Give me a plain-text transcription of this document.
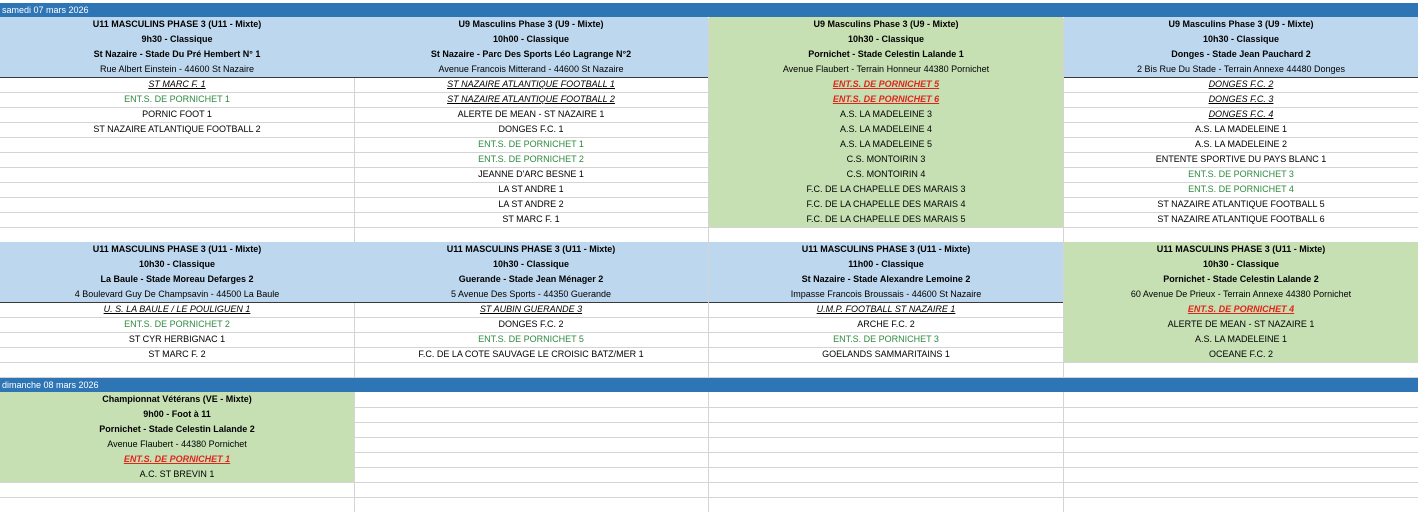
samedi 07 mars 2026
U11 MASCULINS PHASE 3 (U11 - Mixte)
9h30 - Classique
St Nazaire - Stade Du Pré Hembert N° 1
Rue Albert Einstein - 44600 St Nazaire
ST MARC F. 1
ENT.S. DE PORNICHET 1
PORNIC FOOT 1
ST NAZAIRE ATLANTIQUE FOOTBALL 2
U9 Masculins Phase 3 (U9 - Mixte)
10h00 - Classique
St Nazaire - Parc Des Sports Léo Lagrange N°2
Avenue Francois Mitterand - 44600 St Nazaire
ST NAZAIRE ATLANTIQUE FOOTBALL 1
ST NAZAIRE ATLANTIQUE FOOTBALL 2
ALERTE DE MEAN - ST NAZAIRE 1
DONGES F.C. 1
ENT.S. DE PORNICHET 1
ENT.S. DE PORNICHET 2
JEANNE D'ARC BESNE 1
LA ST ANDRE 1
LA ST ANDRE 2
ST MARC F. 1
U9 Masculins Phase 3 (U9 - Mixte)
10h30 - Classique
Pornichet - Stade Celestin Lalande 1
Avenue Flaubert - Terrain Honneur 44380 Pornichet
ENT.S. DE PORNICHET 5
ENT.S. DE PORNICHET 6
A.S. LA MADELEINE 3
A.S. LA MADELEINE 4
A.S. LA MADELEINE 5
C.S. MONTOIRIN 3
C.S. MONTOIRIN 4
F.C. DE LA CHAPELLE DES MARAIS 3
F.C. DE LA CHAPELLE DES MARAIS 4
F.C. DE LA CHAPELLE DES MARAIS 5
U9 Masculins Phase 3 (U9 - Mixte)
10h30 - Classique
Donges - Stade Jean Pauchard 2
2 Bis Rue Du Stade - Terrain Annexe 44480 Donges
DONGES F.C. 2
DONGES F.C. 3
DONGES F.C. 4
A.S. LA MADELEINE 1
A.S. LA MADELEINE 2
ENTENTE SPORTIVE DU PAYS BLANC 1
ENT.S. DE PORNICHET 3
ENT.S. DE PORNICHET 4
ST NAZAIRE ATLANTIQUE FOOTBALL 5
ST NAZAIRE ATLANTIQUE FOOTBALL 6
U11 MASCULINS PHASE 3 (U11 - Mixte)
10h30 - Classique
La Baule - Stade Moreau Defarges 2
4 Boulevard Guy De Champsavin - 44500 La Baule
U. S. LA BAULE / LE POULIGUEN 1
ENT.S. DE PORNICHET 2
ST CYR HERBIGNAC 1
ST MARC F. 2
U11 MASCULINS PHASE 3 (U11 - Mixte)
10h30 - Classique
Guerande - Stade Jean Ménager 2
5 Avenue Des Sports - 44350 Guerande
ST AUBIN GUERANDE 3
DONGES F.C. 2
ENT.S. DE PORNICHET 5
F.C. DE LA COTE SAUVAGE LE CROISIC BATZ/MER 1
U11 MASCULINS PHASE 3 (U11 - Mixte)
11h00 - Classique
St Nazaire - Stade Alexandre Lemoine 2
Impasse Francois Broussais - 44600 St Nazaire
U.M.P. FOOTBALL ST NAZAIRE 1
ARCHE F.C. 2
ENT.S. DE PORNICHET 3
GOELANDS SAMMARITAINS 1
U11 MASCULINS PHASE 3 (U11 - Mixte)
10h30 - Classique
Pornichet - Stade Celestin Lalande 2
60 Avenue De Prieux - Terrain Annexe 44380 Pornichet
ENT.S. DE PORNICHET 4
ALERTE DE MEAN - ST NAZAIRE 1
A.S. LA MADELEINE 1
OCEANE F.C. 2
dimanche 08 mars 2026
Championnat Vétérans (VE - Mixte)
9h00 - Foot à 11
Pornichet - Stade Celestin Lalande 2
Avenue Flaubert - 44380 Pornichet
ENT.S. DE PORNICHET 1
A.C. ST BREVIN 1
